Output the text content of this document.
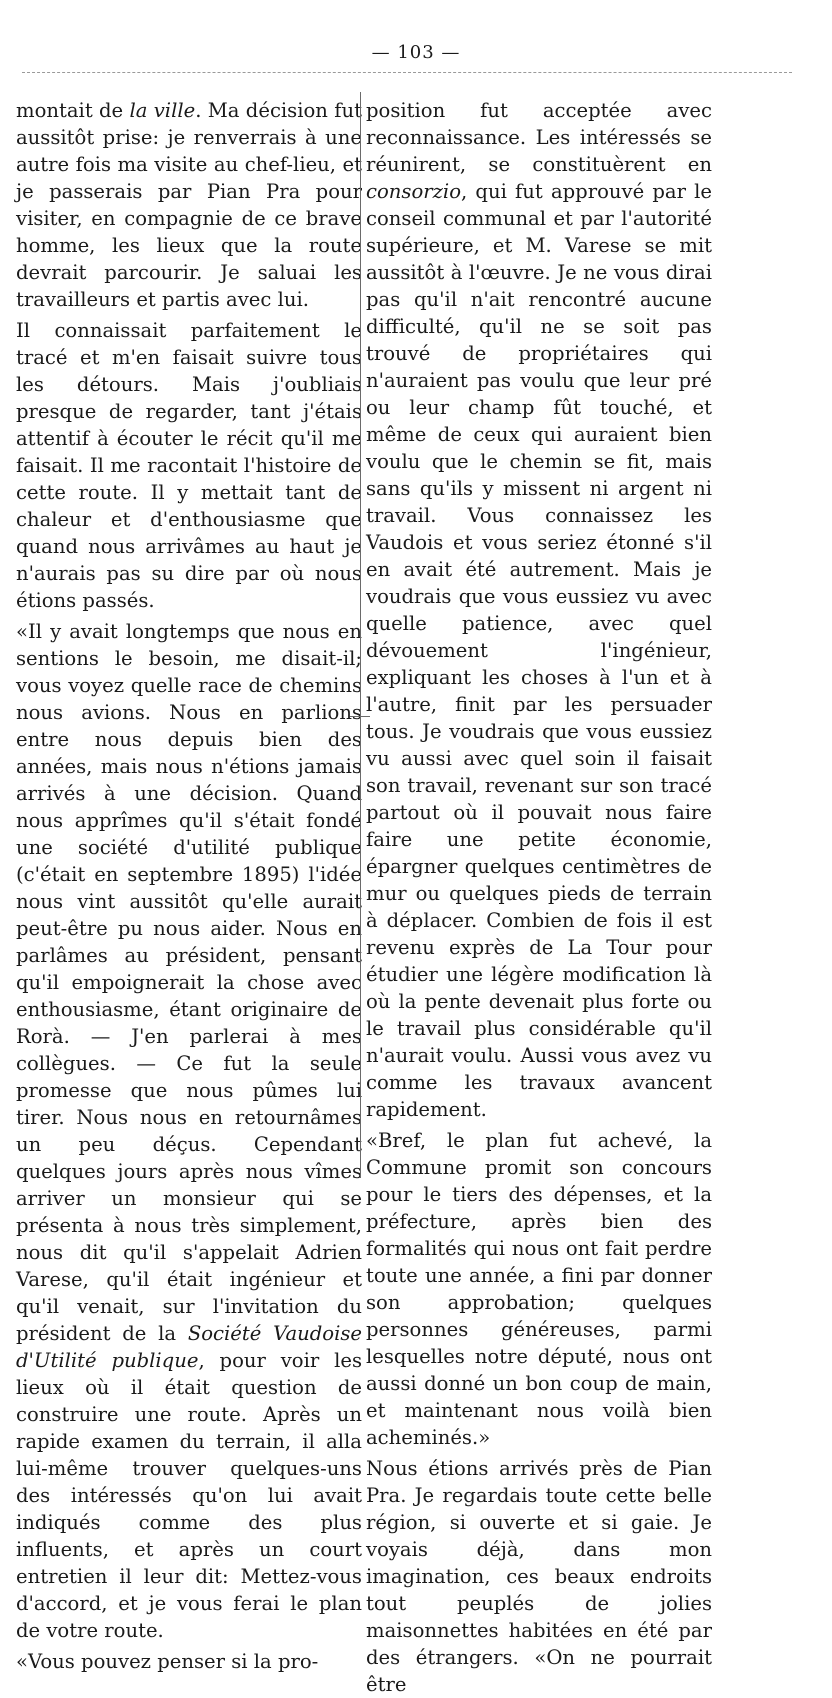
— 103 —

montait de la ville. Ma décision fut aussitôt prise: je renverrais à une autre fois ma visite au chef-lieu, et je passerais par Pian Pra pour visiter, en compagnie de ce brave homme, les lieux que la route devrait parcourir. Je saluai les travailleurs et partis avec lui.

Il connaissait parfaitement le tracé et m'en faisait suivre tous les détours. Mais j'oubliais presque de regarder, tant j'étais attentif à écouter le récit qu'il me faisait. Il me racontait l'histoire de cette route. Il y mettait tant de chaleur et d'enthousiasme que quand nous arrivâmes au haut je n'aurais pas su dire par où nous étions passés.

«Il y avait longtemps que nous en sentions le besoin, me disait-il; vous voyez quelle race de chemins nous avions. Nous en parlions entre nous depuis bien des années, mais nous n'étions jamais arrivés à une décision. Quand nous apprîmes qu'il s'était fondé une société d'utilité publique (c'était en septembre 1895) l'idée nous vint aussitôt qu'elle aurait peut-être pu nous aider. Nous en parlâmes au président, pensant qu'il empoignerait la chose avec enthousiasme, étant originaire de Rorà. — J'en parlerai à mes collègues. — Ce fut la seule promesse que nous pûmes lui tirer. Nous nous en retournâmes un peu déçus. Cependant quelques jours après nous vîmes arriver un monsieur qui se présenta à nous très simplement, nous dit qu'il s'appelait Adrien Varese, qu'il était ingénieur et qu'il venait, sur l'invitation du président de la Société Vaudoise d'Utilité publique, pour voir les lieux où il était question de construire une route. Après un rapide examen du terrain, il alla lui-même trouver quelques-uns des intéressés qu'on lui avait indiqués comme des plus influents, et après un court entretien il leur dit: Mettez-vous d'accord, et je vous ferai le plan de votre route.

«Vous pouvez penser si la pro-

position fut acceptée avec reconnaissance. Les intéressés se réunirent, se constituèrent en consorzio, qui fut approuvé par le conseil communal et par l'autorité supérieure, et M. Varese se mit aussitôt à l'œuvre. Je ne vous dirai pas qu'il n'ait rencontré aucune difficulté, qu'il ne se soit pas trouvé de propriétaires qui n'auraient pas voulu que leur pré ou leur champ fût touché, et même de ceux qui auraient bien voulu que le chemin se fit, mais sans qu'ils y missent ni argent ni travail. Vous connaissez les Vaudois et vous seriez étonné s'il en avait été autrement. Mais je voudrais que vous eussiez vu avec quelle patience, avec quel dévouement l'ingénieur, expliquant les choses à l'un et à l'autre, finit par les persuader tous. Je voudrais que vous eussiez vu aussi avec quel soin il faisait son travail, revenant sur son tracé partout où il pouvait nous faire faire une petite économie, épargner quelques centimètres de mur ou quelques pieds de terrain à déplacer. Combien de fois il est revenu exprès de La Tour pour étudier une légère modification là où la pente devenait plus forte ou le travail plus considérable qu'il n'aurait voulu. Aussi vous avez vu comme les travaux avancent rapidement.

«Bref, le plan fut achevé, la Commune promit son concours pour le tiers des dépenses, et la préfecture, après bien des formalités qui nous ont fait perdre toute une année, a fini par donner son approbation; quelques personnes généreuses, parmi lesquelles notre député, nous ont aussi donné un bon coup de main, et maintenant nous voilà bien acheminés.»

Nous étions arrivés près de Pian Pra. Je regardais toute cette belle région, si ouverte et si gaie. Je voyais déjà, dans mon imagination, ces beaux endroits tout peuplés de jolies maisonnettes habitées en été par des étrangers. «On ne pourrait être
